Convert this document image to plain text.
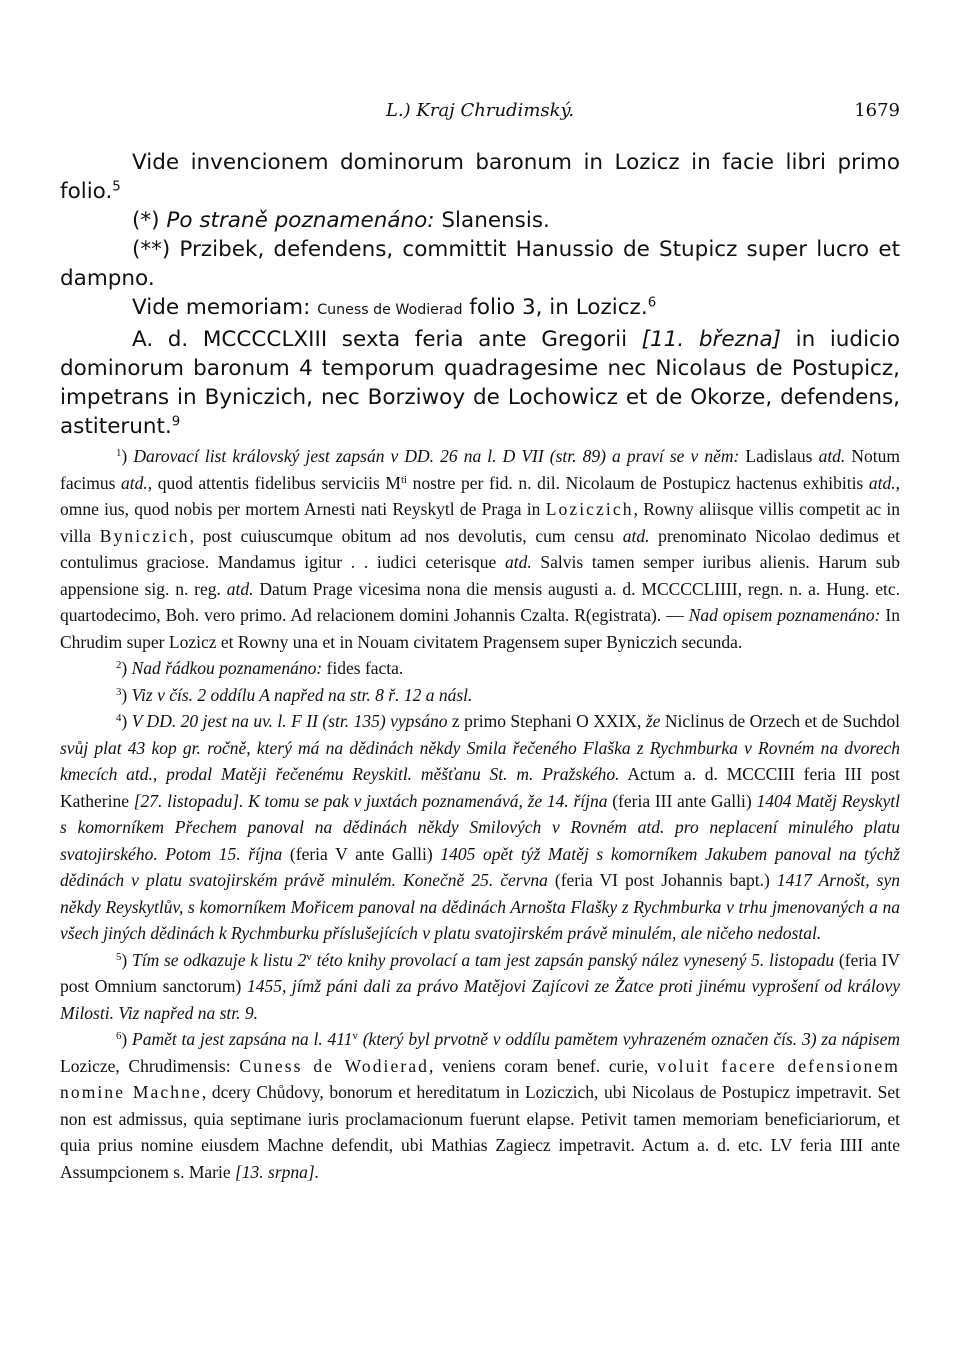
L.) Kraj Chrudimský.	1679

Vide invencionem dominorum baronum in Lozicz in facie libri primo folio.$^5$

(*) Po straně poznamenáno: Slanensis.

(**) Przibek, defendens, committit Hanussio de Stupicz super lucro et dampno.

Vide memoriam: Cuness de Wodierad folio 3, in Lozicz.$^6$

A. d. MCCCCLXIII sexta feria ante Gregorii [11. března] in iudicio dominorum baronum 4 temporum quadragesime nec Nicolaus de Postupicz, impetrans in Byniczich, nec Borziwoy de Lochowicz et de Okorze, defendens, astiterunt.$^9$

$^1$) Darovací list královský jest zapsán v DD. 26 na l. D VII (str. 89) a praví se v něm: Ladislaus atd. Notum facimus atd., quod attentis fidelibus serviciis $M^{ti}$ nostre per fid. n. dil. Nicolaum de Postupicz hactenus exhibitis atd., omne ius, quod nobis per mortem Arnesti nati Reyskytl de Praga in Loziczich, Rowny aliisque villis competit ac in villa Byniczich, post cuiuscumque obitum ad nos devolutis, cum censu atd. prenominato Nicolao dedimus et contulimus graciose. Mandamus igitur . . iudici ceterisque atd. Salvis tamen semper iuribus alienis. Harum sub appensione sig. n. reg. atd. Datum Prage vicesima nona die mensis augusti a. d. MCCCCLIIII, regn. n. a. Hung. etc. quartodecimo, Boh. vero primo. Ad relacionem domini Johannis Czalta. R(egistrata). — Nad opisem poznamenáno: In Chrudim super Lozicz et Rowny una et in Nouam civitatem Pragensem super Byniczich secunda.

$^2$) Nad řádkou poznamenáno: fides facta.

$^3$) Viz v čís. 2 oddílu A napřed na str. 8 ř. 12 a násl.

$^4$) V DD. 20 jest na uv. l. F II (str. 135) vypsáno z primo Stephani O XXIX, že Niclinus de Orzech et de Suchdol svůj plat 43 kop gr. ročně, který má na dědinách někdy Smila řečeného Flaška z Rychmburka v Rovném na dvorech kmecích atd., prodal Matěji řečenému Reyskitl. měšťanu St. m. Pražského. Actum a. d. MCCCIII feria III post Katherine [27. listopadu]. K tomu se pak v juxtách poznamenává, že 14. října (feria III ante Galli) 1404 Matěj Reyskytl s komorníkem Přechem panoval na dědinách někdy Smilových v Rovném atd. pro neplacení minulého platu svatojirského. Potom 15. října (feria V ante Galli) 1405 opět týž Matěj s komorníkem Jakubem panoval na týchž dědinách v platu svatojirském právě minulém. Konečně 25. června (feria VI post Johannis bapt.) 1417 Arnošt, syn někdy Reyskytlův, s komorníkem Mořicem panoval na dědinách Arnošta Flašky z Rychmburka v trhu jmenovaných a na všech jiných dědinách k Rychmburku příslušejících v platu svatojirském právě minulém, ale ničeho nedostal.

$^5$) Tím se odkazuje k listu 2$^v$ této knihy provolací a tam jest zapsán panský nález vynesený 5. listopadu (feria IV post Omnium sanctorum) 1455, jímž páni dali za právo Matějovi Zajícovi ze Žatce proti jinému vyprošení od královy Milosti. Viz napřed na str. 9.

$^6$) Pamět ta jest zapsána na l. 411$^v$ (který byl prvotně v oddílu pamětem vyhrazeném označen čís. 3) za nápisem Lozicze, Chrudimensis: Cuness de Wodierad, veniens coram benef. curie, voluit facere defensionem nomine Machne, dcery Chůdovy, bonorum et hereditatum in Loziczich, ubi Nicolaus de Postupicz impetravit. Set non est admissus, quia septimane iuris proclamacionum fuerunt elapse. Petivit tamen memoriam beneficiariorum, et quia prius nomine eiusdem Machne defendit, ubi Mathias Zagiecz impetravit. Actum a. d. etc. LV feria IIII ante Assumpcionem s. Marie [13. srpna].
